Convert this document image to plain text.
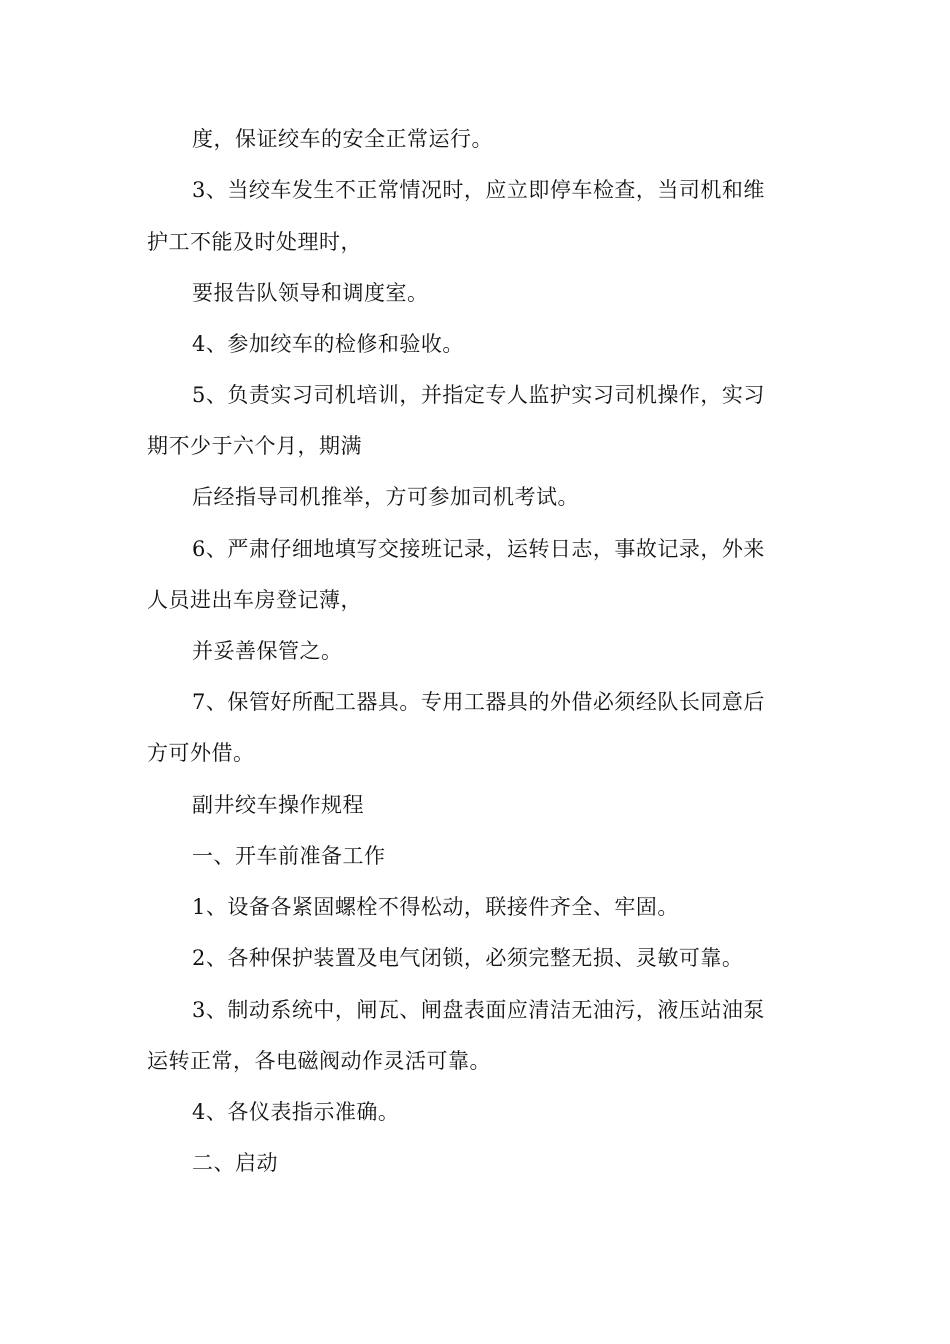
度，保证绞车的安全正常运行。
3、当绞车发生不正常情况时，应立即停车检查，当司机和维
护工不能及时处理时，
要报告队领导和调度室。
4、参加绞车的检修和验收。
5、负责实习司机培训，并指定专人监护实习司机操作，实习
期不少于六个月，期满
后经指导司机推举，方可参加司机考试。
6、严肃仔细地填写交接班记录，运转日志，事故记录，外来
人员进出车房登记薄，
并妥善保管之。
7、保管好所配工器具。专用工器具的外借必须经队长同意后
方可外借。
副井绞车操作规程
一、开车前准备工作
1、设备各紧固螺栓不得松动，联接件齐全、牢固。
2、各种保护装置及电气闭锁，必须完整无损、灵敏可靠。
3、制动系统中，闸瓦、闸盘表面应清洁无油污，液压站油泵
运转正常，各电磁阀动作灵活可靠。
4、各仪表指示准确。
二、启动
